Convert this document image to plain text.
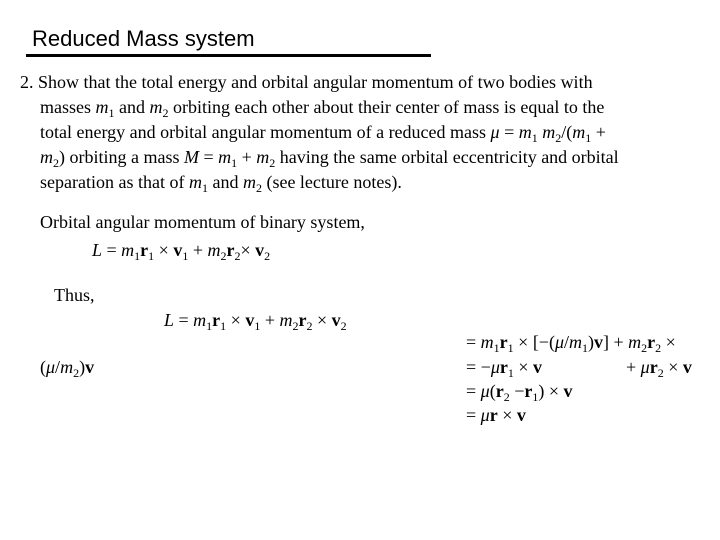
Reduced Mass system

2. Show that the total energy and orbital angular momentum of two bodies with

masses $m_1$ and $m_2$ orbiting each other about their center of mass is equal to the

total energy and orbital angular momentum of a reduced mass $\mu = m_1$ $m_2/(m_1$ +

$m_2$) orbiting a mass $M = m_1 + m_2$ having the same orbital eccentricity and orbital

separation as that of $m_1$ and $m_2$ (see lecture notes).

Orbital angular momentum of binary system,
$L = m_1r_1 \times v_1 + m_2r_2\times v_2$
Thus,
$L = m_1r_1 \times v_1 + m_2r_2 \times v_2$
$(\mu/m_2)v$
= $m_1r_1 \times [-(\mu/m_1)v] + m_2r_2$ ×
= $-\mu r_1 \times v$	+ $\mu r_2 \times v$
= $\mu(r_2 -r_1) \times v$
= μr × v
